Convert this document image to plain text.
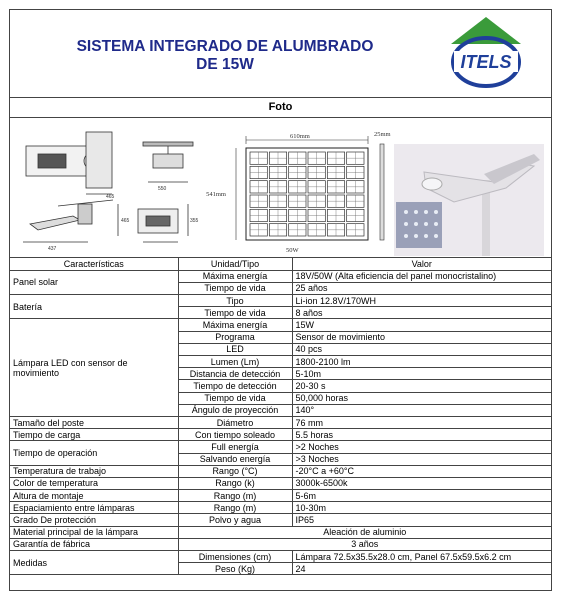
SISTEMA INTEGRADO DE ALUMBRADO
DE 15W	ITELS
Foto
465
550
465
437
355
610mm
541mm
25mm
50W
Características	Unidad/Tipo	Valor
Panel solar	Máxima energía	18V/50W (Alta eficiencia del panel monocristalino)
	Tiempo de vida	25 años
Batería	Tipo	Li-ion 12.8V/170WH
	Tiempo de vida	8 años
Lámpara LED con sensor de movimiento	Máxima energía	15W
	Programa	Sensor de movimiento
	LED	40 pcs
	Lumen (Lm)	1800-2100 lm
	Distancia de detección	5-10m
	Tiempo de detección	20-30 s
	Tiempo de vida	50,000 horas
	Ángulo de proyección	140°
Tamaño del poste	Diámetro	76 mm
Tiempo de carga	Con tiempo soleado	5.5 horas
Tiempo de operación	Full energía	>2 Noches
	Salvando energía	>3 Noches
Temperatura de trabajo	Rango (°C)	-20°C a +60°C
Color de temperatura	Rango (k)	3000k-6500k
Altura de montaje	Rango (m)	5-6m
Espaciamiento entre lámparas	Rango (m)	10-30m
Grado De protección	Polvo y agua	IP65
Material principal de la lámpara	Aleación de aluminio	
Garantía de fábrica	3 años	
Medidas	Dimensiones (cm)	Lámpara 72.5x35.5x28.0 cm, Panel 67.5x59.5x6.2 cm
	Peso (Kg)	24
